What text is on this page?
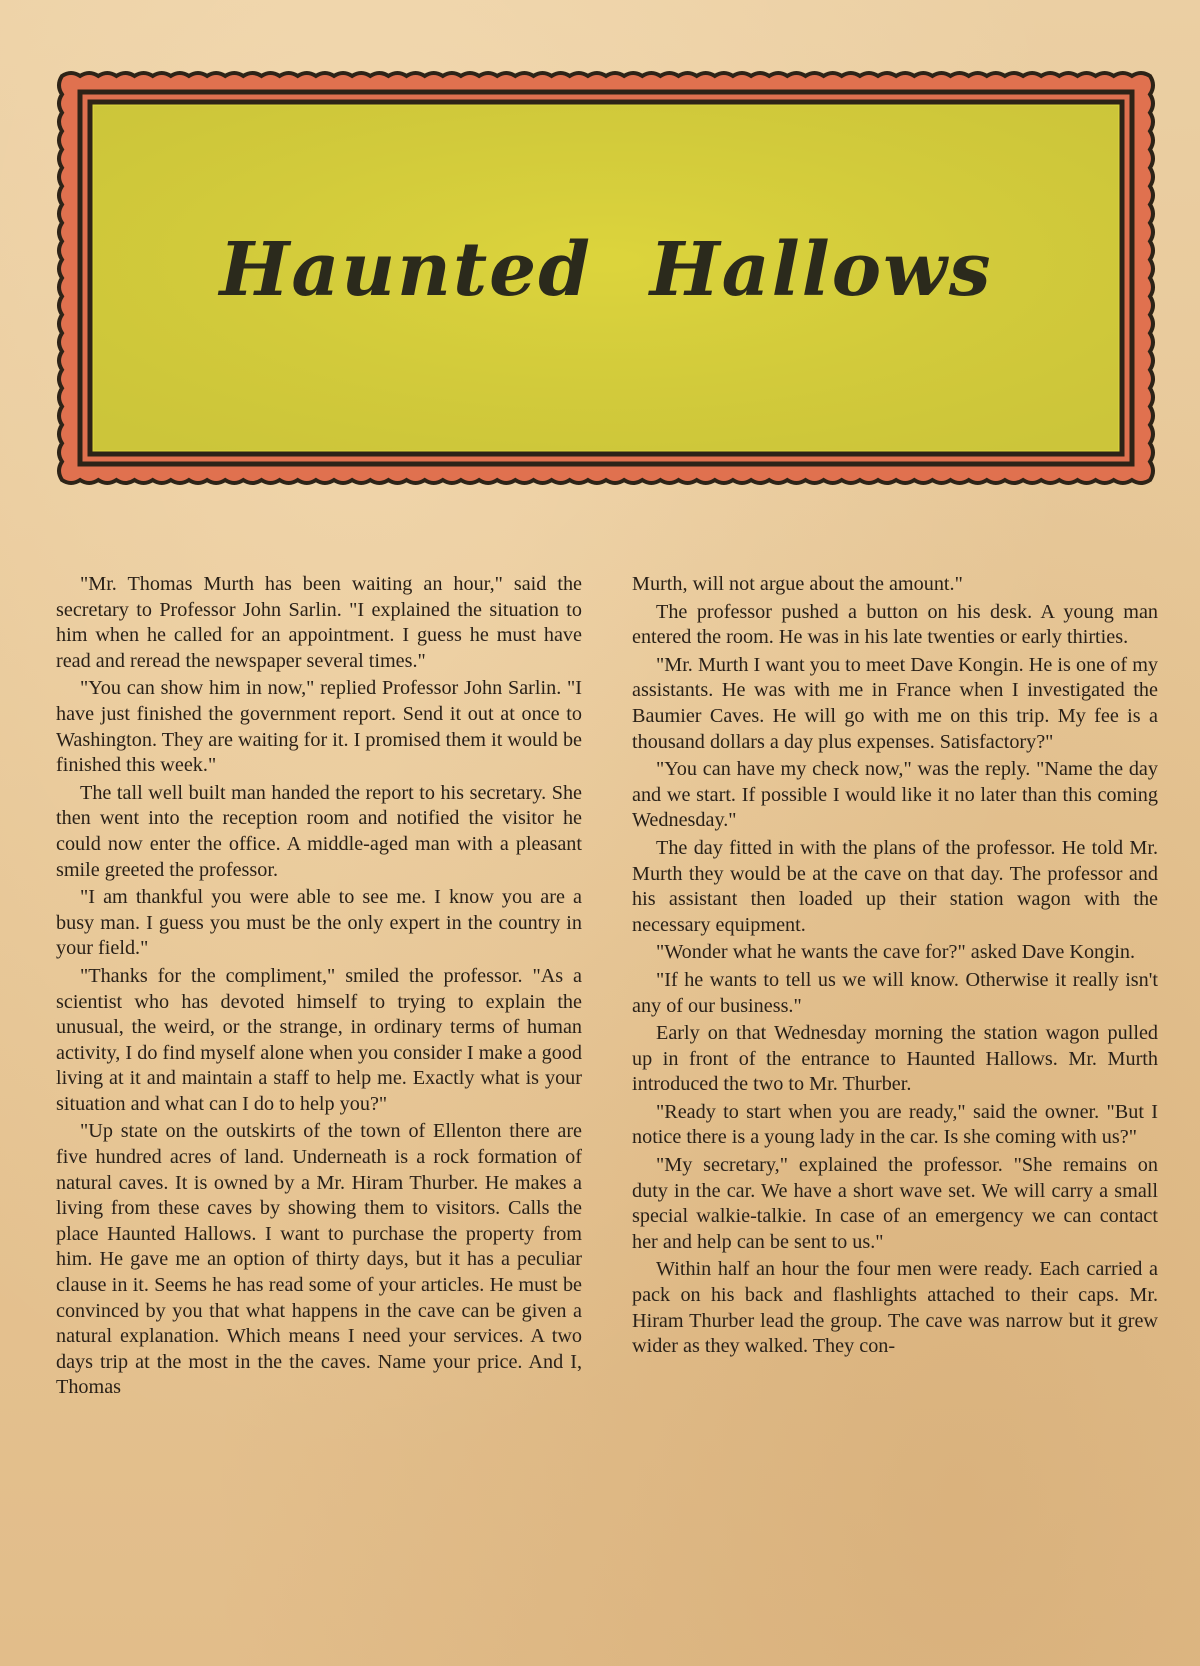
Haunted Hallows

"Mr. Thomas Murth has been waiting an hour," said the secretary to Professor John Sarlin. "I explained the situation to him when he called for an appointment. I guess he must have read and reread the newspaper several times."

"You can show him in now," replied Professor John Sarlin. "I have just finished the government report. Send it out at once to Washington. They are waiting for it. I promised them it would be finished this week."

The tall well built man handed the report to his secretary. She then went into the reception room and notified the visitor he could now enter the office. A middle-aged man with a pleasant smile greeted the professor.

"I am thankful you were able to see me. I know you are a busy man. I guess you must be the only expert in the country in your field."

"Thanks for the compliment," smiled the professor. "As a scientist who has devoted himself to trying to explain the unusual, the weird, or the strange, in ordinary terms of human activity, I do find myself alone when you consider I make a good living at it and maintain a staff to help me. Exactly what is your situation and what can I do to help you?"

"Up state on the outskirts of the town of Ellenton there are five hundred acres of land. Underneath is a rock formation of natural caves. It is owned by a Mr. Hiram Thurber. He makes a living from these caves by showing them to visitors. Calls the place Haunted Hallows. I want to purchase the property from him. He gave me an option of thirty days, but it has a peculiar clause in it. Seems he has read some of your articles. He must be convinced by you that what happens in the cave can be given a natural explanation. Which means I need your services. A two days trip at the most in the the caves. Name your price. And I, Thomas

Murth, will not argue about the amount."

The professor pushed a button on his desk. A young man entered the room. He was in his late twenties or early thirties.

"Mr. Murth I want you to meet Dave Kongin. He is one of my assistants. He was with me in France when I investigated the Baumier Caves. He will go with me on this trip. My fee is a thousand dollars a day plus expenses. Satisfactory?"

"You can have my check now," was the reply. "Name the day and we start. If possible I would like it no later than this coming Wednesday."

The day fitted in with the plans of the professor. He told Mr. Murth they would be at the cave on that day. The professor and his assistant then loaded up their station wagon with the necessary equipment.

"Wonder what he wants the cave for?" asked Dave Kongin.

"If he wants to tell us we will know. Otherwise it really isn't any of our business."

Early on that Wednesday morning the station wagon pulled up in front of the entrance to Haunted Hallows. Mr. Murth introduced the two to Mr. Thurber.

"Ready to start when you are ready," said the owner. "But I notice there is a young lady in the car. Is she coming with us?"

"My secretary," explained the professor. "She remains on duty in the car. We have a short wave set. We will carry a small special walkie-talkie. In case of an emergency we can contact her and help can be sent to us."

Within half an hour the four men were ready. Each carried a pack on his back and flashlights attached to their caps. Mr. Hiram Thurber lead the group. The cave was narrow but it grew wider as they walked. They con-
